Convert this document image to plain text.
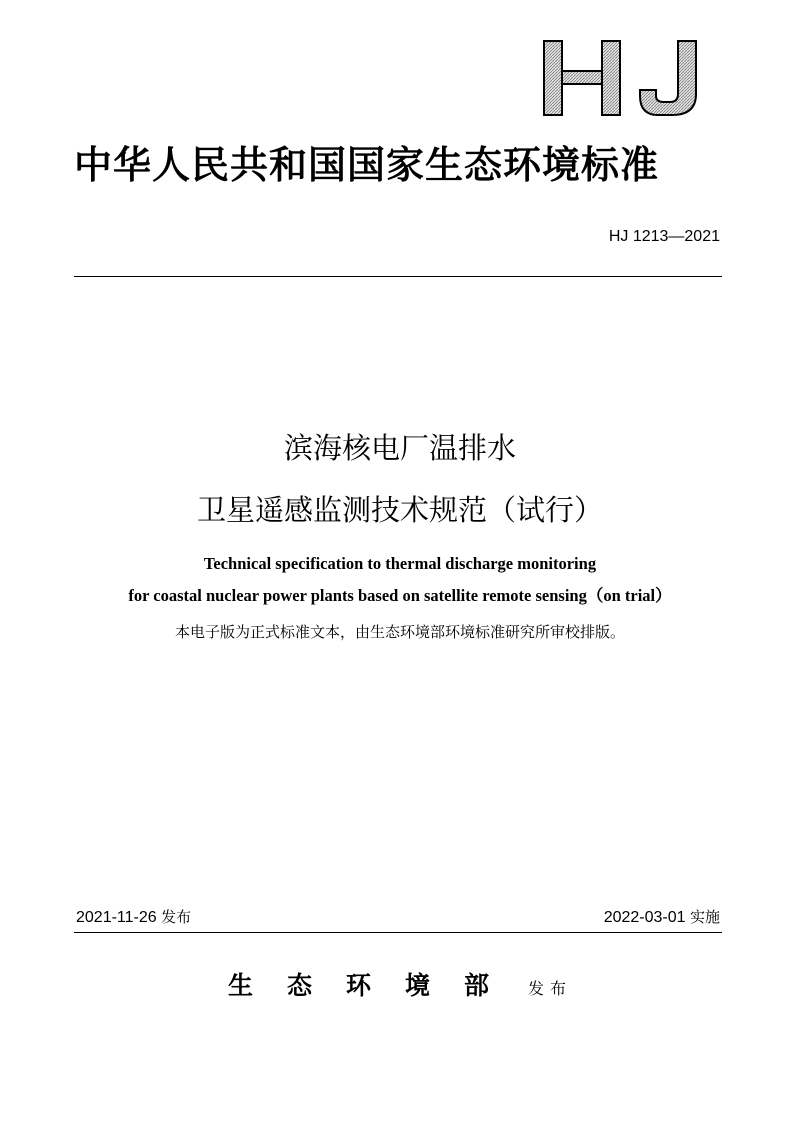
中华人民共和国国家生态环境标准
HJ 1213—2021
滨海核电厂温排水
卫星遥感监测技术规范（试行）
Technical specification to thermal discharge monitoring
for coastal nuclear power plants based on satellite remote sensing（on trial）
本电子版为正式标准文本，由生态环境部环境标准研究所审校排版。
2021-11-26 发布	2022-03-01 实施
生态环境部 发布
